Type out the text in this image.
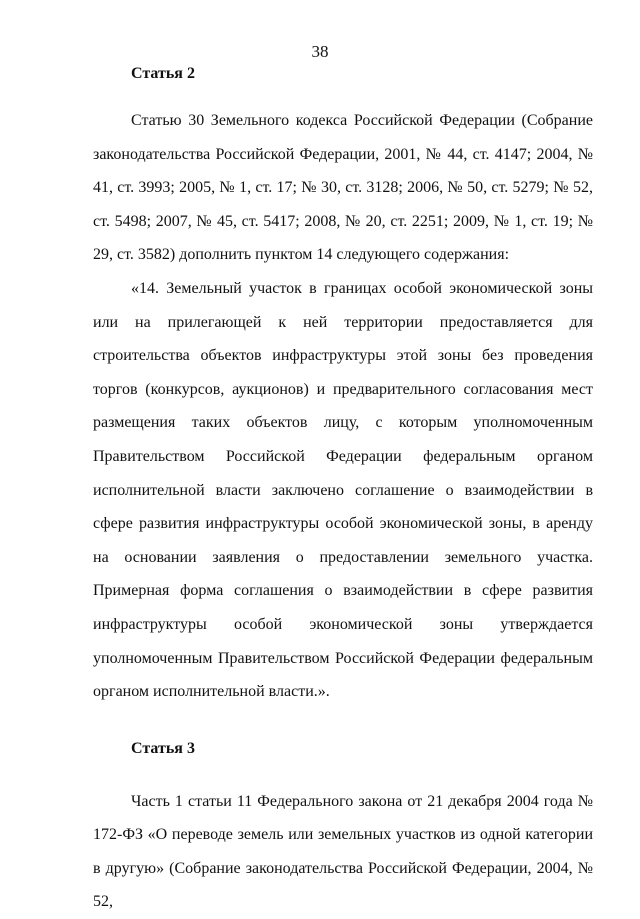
38

Статья 2

Статью 30 Земельного кодекса Российской Федерации (Собрание законодательства Российской Федерации, 2001, № 44, ст. 4147; 2004, № 41, ст. 3993; 2005, № 1, ст. 17; № 30, ст. 3128; 2006, № 50, ст. 5279; № 52, ст. 5498; 2007, № 45, ст. 5417; 2008, № 20, ст. 2251; 2009, № 1, ст. 19; № 29, ст. 3582) дополнить пунктом 14 следующего содержания:

«14. Земельный участок в границах особой экономической зоны или на прилегающей к ней территории предоставляется для строительства объектов инфраструктуры этой зоны без проведения торгов (конкурсов, аукционов) и предварительного согласования мест размещения таких объектов лицу, с которым уполномоченным Правительством Российской Федерации федеральным органом исполнительной власти заключено соглашение о взаимодействии в сфере развития инфраструктуры особой экономической зоны, в аренду на основании заявления о предоставлении земельного участка. Примерная форма соглашения о взаимодействии в сфере развития инфраструктуры особой экономической зоны утверждается уполномоченным Правительством Российской Федерации федеральным органом исполнительной власти.».

Статья 3

Часть 1 статьи 11 Федерального закона от 21 декабря 2004 года № 172-ФЗ «О переводе земель или земельных участков из одной категории в другую» (Собрание законодательства Российской Федерации, 2004, № 52,
